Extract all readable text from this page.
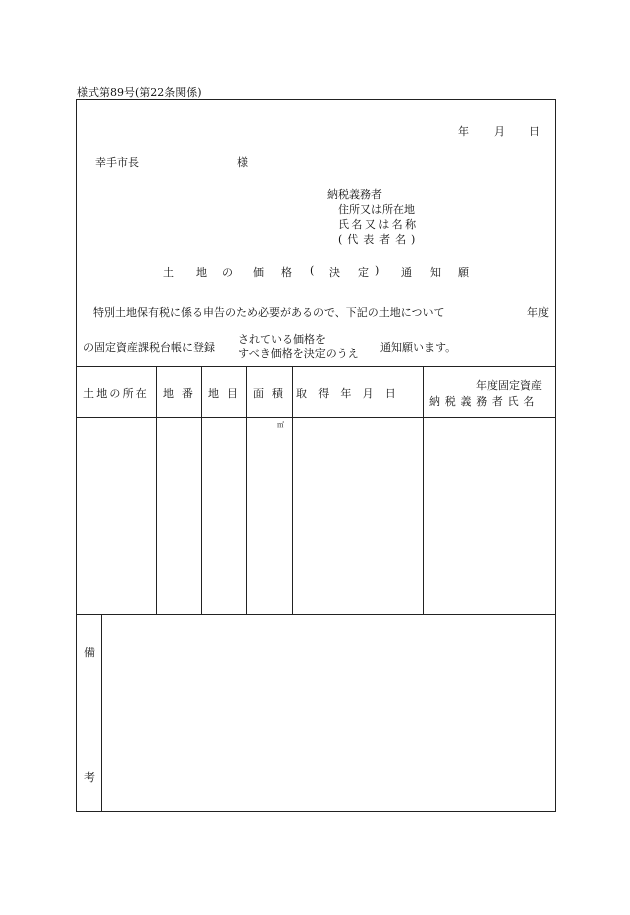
様式第89号(第22条関係)
年 月 日
幸手市長	様
納税義務者
住所又は所在地
氏名又は名称
(代表者名)
土 地 の 価 格 ( 決 定 ) 通 知 願
特別土地保有税に係る申告のため必要があるので、下記の土地について	年度
の固定資産課税台帳に登録
されている価格を
すべき価格を決定のうえ 通知願います。
土地の所在 地 番 地 目 面 積 取 得 年 月 日
年度固定資産
納税義務者氏名
㎡
備
考
